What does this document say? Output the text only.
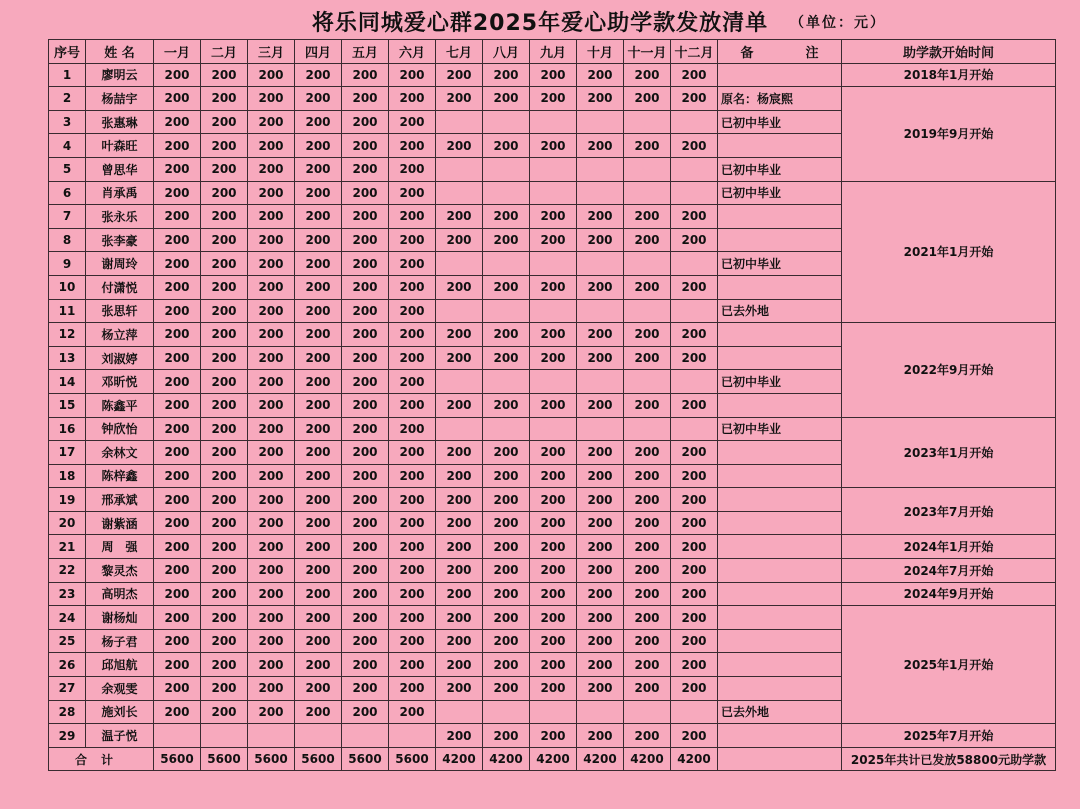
将乐同城爱心群2025年爱心助学款发放清单	（单位：元）
序号	姓 名	一月	二月	三月	四月	五月	六月	七月	八月	九月	十月	十一月	十二月	备　　　　注	助学款开始时间
1	廖明云	200	200	200	200	200	200	200	200	200	200	200	200		2018年1月开始
2	杨喆宇	200	200	200	200	200	200	200	200	200	200	200	200	原名：杨宸熙	2019年9月开始
3	张惠琳	200	200	200	200	200	200							已初中毕业	
4	叶森旺	200	200	200	200	200	200	200	200	200	200	200	200		
5	曾思华	200	200	200	200	200	200							已初中毕业	
6	肖承禹	200	200	200	200	200	200							已初中毕业	2021年1月开始
7	张永乐	200	200	200	200	200	200	200	200	200	200	200	200		
8	张李豪	200	200	200	200	200	200	200	200	200	200	200	200		
9	谢周玲	200	200	200	200	200	200							已初中毕业	
10	付潇悦	200	200	200	200	200	200	200	200	200	200	200	200		
11	张思轩	200	200	200	200	200	200							已去外地	
12	杨立萍	200	200	200	200	200	200	200	200	200	200	200	200		2022年9月开始
13	刘淑婷	200	200	200	200	200	200	200	200	200	200	200	200		
14	邓昕悦	200	200	200	200	200	200							已初中毕业	
15	陈鑫平	200	200	200	200	200	200	200	200	200	200	200	200		
16	钟欣怡	200	200	200	200	200	200							已初中毕业	2023年1月开始
17	余林文	200	200	200	200	200	200	200	200	200	200	200	200		
18	陈梓鑫	200	200	200	200	200	200	200	200	200	200	200	200		
19	邢承斌	200	200	200	200	200	200	200	200	200	200	200	200		2023年7月开始
20	谢紫涵	200	200	200	200	200	200	200	200	200	200	200	200		
21	周　强	200	200	200	200	200	200	200	200	200	200	200	200		2024年1月开始
22	黎灵杰	200	200	200	200	200	200	200	200	200	200	200	200		2024年7月开始
23	高明杰	200	200	200	200	200	200	200	200	200	200	200	200		2024年9月开始
24	谢杨灿	200	200	200	200	200	200	200	200	200	200	200	200		2025年1月开始
25	杨子君	200	200	200	200	200	200	200	200	200	200	200	200		
26	邱旭航	200	200	200	200	200	200	200	200	200	200	200	200		
27	余观雯	200	200	200	200	200	200	200	200	200	200	200	200		
28	施刘长	200	200	200	200	200	200							已去外地	
29	温子悦							200	200	200	200	200	200		2025年7月开始
合计		5600	5600	5600	5600	5600	5600	4200	4200	4200	4200	4200	4200		2025年共计已发放58800元助学款
